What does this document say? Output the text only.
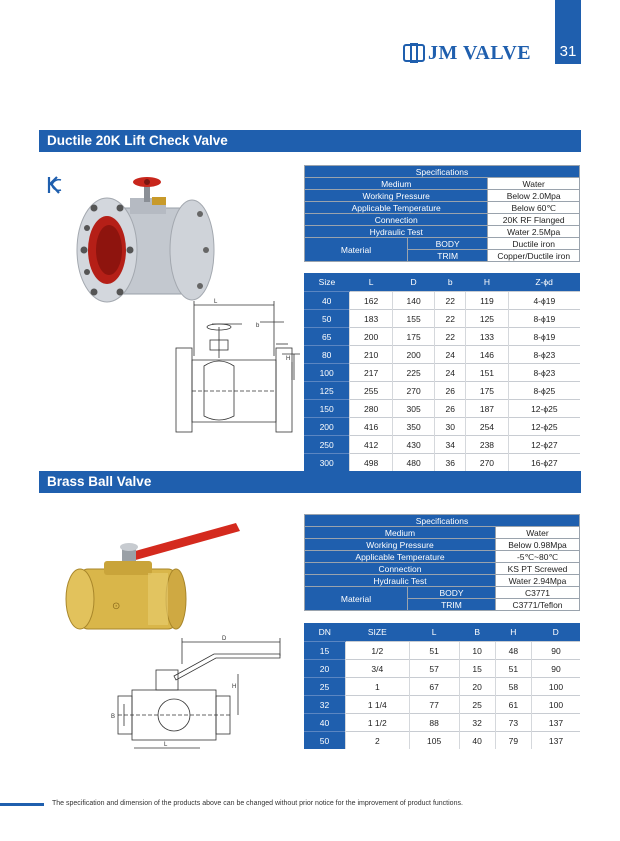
JM VALVE	31
Ductile 20K Lift Check Valve
L
b
H
Specifications		
Medium		Water
Working Pressure		Below 2.0Mpa
Applicable Temperature		Below 60℃
Connection		20K RF Flanged
Hydraulic Test		Water 2.5Mpa
Material	BODY	Ductile iron
	TRIM	Copper/Ductile iron
Size	L	D	b	H	Z-ϕd
40	162	140	22	119	4-ϕ19
50	183	155	22	125	8-ϕ19
65	200	175	22	133	8-ϕ19
80	210	200	24	146	8-ϕ23
100	217	225	24	151	8-ϕ23
125	255	270	26	175	8-ϕ25
150	280	305	26	187	12-ϕ25
200	416	350	30	254	12-ϕ25
250	412	430	34	238	12-ϕ27
300	498	480	36	270	16-ϕ27
Brass Ball Valve
⊙
D
H
B
L
Specifications		
Medium		Water
Working Pressure		Below 0.98Mpa
Applicable Temperature		-5℃~80℃
Connection		KS PT Screwed
Hydraulic Test		Water 2.94Mpa
Material	BODY	C3771
	TRIM	C3771/Teflon
DN	SIZE	L	B	H	D
15	1/2	51	10	48	90
20	3/4	57	15	51	90
25	1	67	20	58	100
32	1 1/4	77	25	61	100
40	1 1/2	88	32	73	137
50	2	105	40	79	137
The specification and dimension of the products above can be changed without prior notice for the improvement of product functions.
